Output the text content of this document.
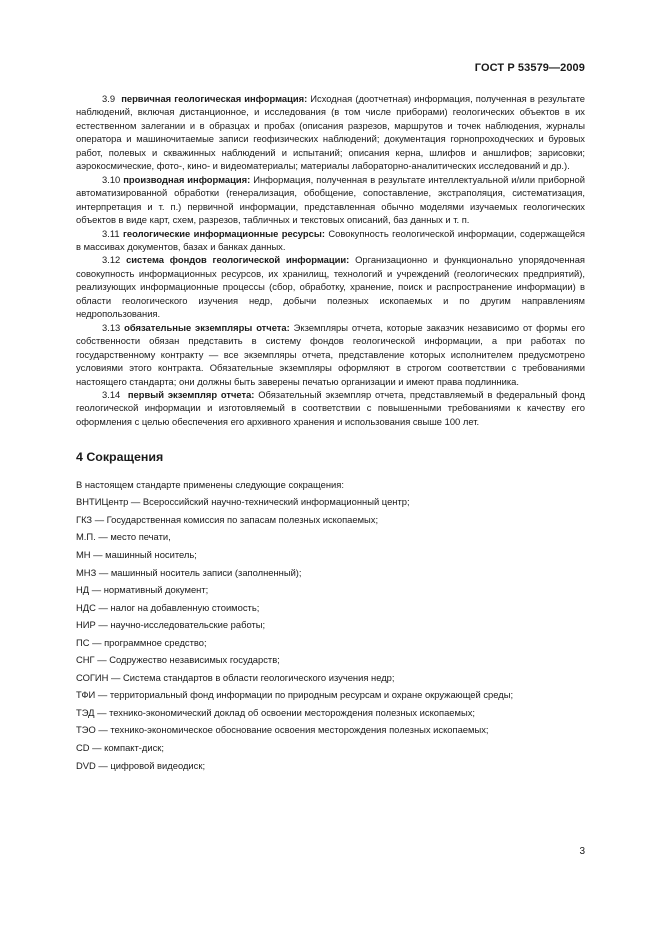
ГОСТ Р 53579—2009

3.9 первичная геологическая информация: Исходная (доотчетная) информация, полученная в результате наблюдений, включая дистанционное, и исследования (в том числе приборами) геологических объектов в их естественном залегании и в образцах и пробах (описания разрезов, маршрутов и точек наблюдения, журналы оператора и машиночитаемые записи геофизических наблюдений; документация горнопроходческих и буровых работ, полевых и скважинных наблюдений и испытаний; описания керна, шлифов и аншлифов; зарисовки; аэрокосмические, фото-, кино- и видеоматериалы; материалы лабораторно-аналитических исследований и др.).

3.10 производная информация: Информация, полученная в результате интеллектуальной и/или приборной автоматизированной обработки (генерализация, обобщение, сопоставление, экстраполяция, систематизация, интерпретация и т. п.) первичной информации, представленная обычно моделями изучаемых геологических объектов в виде карт, схем, разрезов, табличных и текстовых описаний, баз данных и т. п.

3.11 геологические информационные ресурсы: Совокупность геологической информации, содержащейся в массивах документов, базах и банках данных.

3.12 система фондов геологической информации: Организационно и функционально упорядоченная совокупность информационных ресурсов, их хранилищ, технологий и учреждений (геологических предприятий), реализующих информационные процессы (сбор, обработку, хранение, поиск и распространение информации) в области геологического изучения недр, добычи полезных ископаемых и по другим направлениям недропользования.

3.13 обязательные экземпляры отчета: Экземпляры отчета, которые заказчик независимо от формы его собственности обязан представить в систему фондов геологической информации, а при работах по государственному контракту — все экземпляры отчета, представление которых исполнителем предусмотрено условиями этого контракта. Обязательные экземпляры оформляют в строгом соответствии с требованиями настоящего стандарта; они должны быть заверены печатью организации и имеют права подлинника.

3.14 первый экземпляр отчета: Обязательный экземпляр отчета, представляемый в федеральный фонд геологической информации и изготовляемый в соответствии с повышенными требованиями к качеству его оформления с целью обеспечения его архивного хранения и использования свыше 100 лет.

4 Сокращения
В настоящем стандарте применены следующие сокращения:
ВНТИЦентр — Всероссийский научно-технический информационный центр;
ГКЗ — Государственная комиссия по запасам полезных ископаемых;
М.П. — место печати,
МН — машинный носитель;
МНЗ — машинный носитель записи (заполненный);
НД — нормативный документ;
НДС — налог на добавленную стоимость;
НИР — научно-исследовательские работы;
ПС — программное средство;
СНГ — Содружество независимых государств;
СОГИН — Система стандартов в области геологического изучения недр;
ТФИ — территориальный фонд информации по природным ресурсам и охране окружающей среды;
ТЭД — технико-экономический доклад об освоении месторождения полезных ископаемых;
ТЭО — технико-экономическое обоснование освоения месторождения полезных ископаемых;
CD — компакт-диск;
DVD — цифровой видеодиск;
3
